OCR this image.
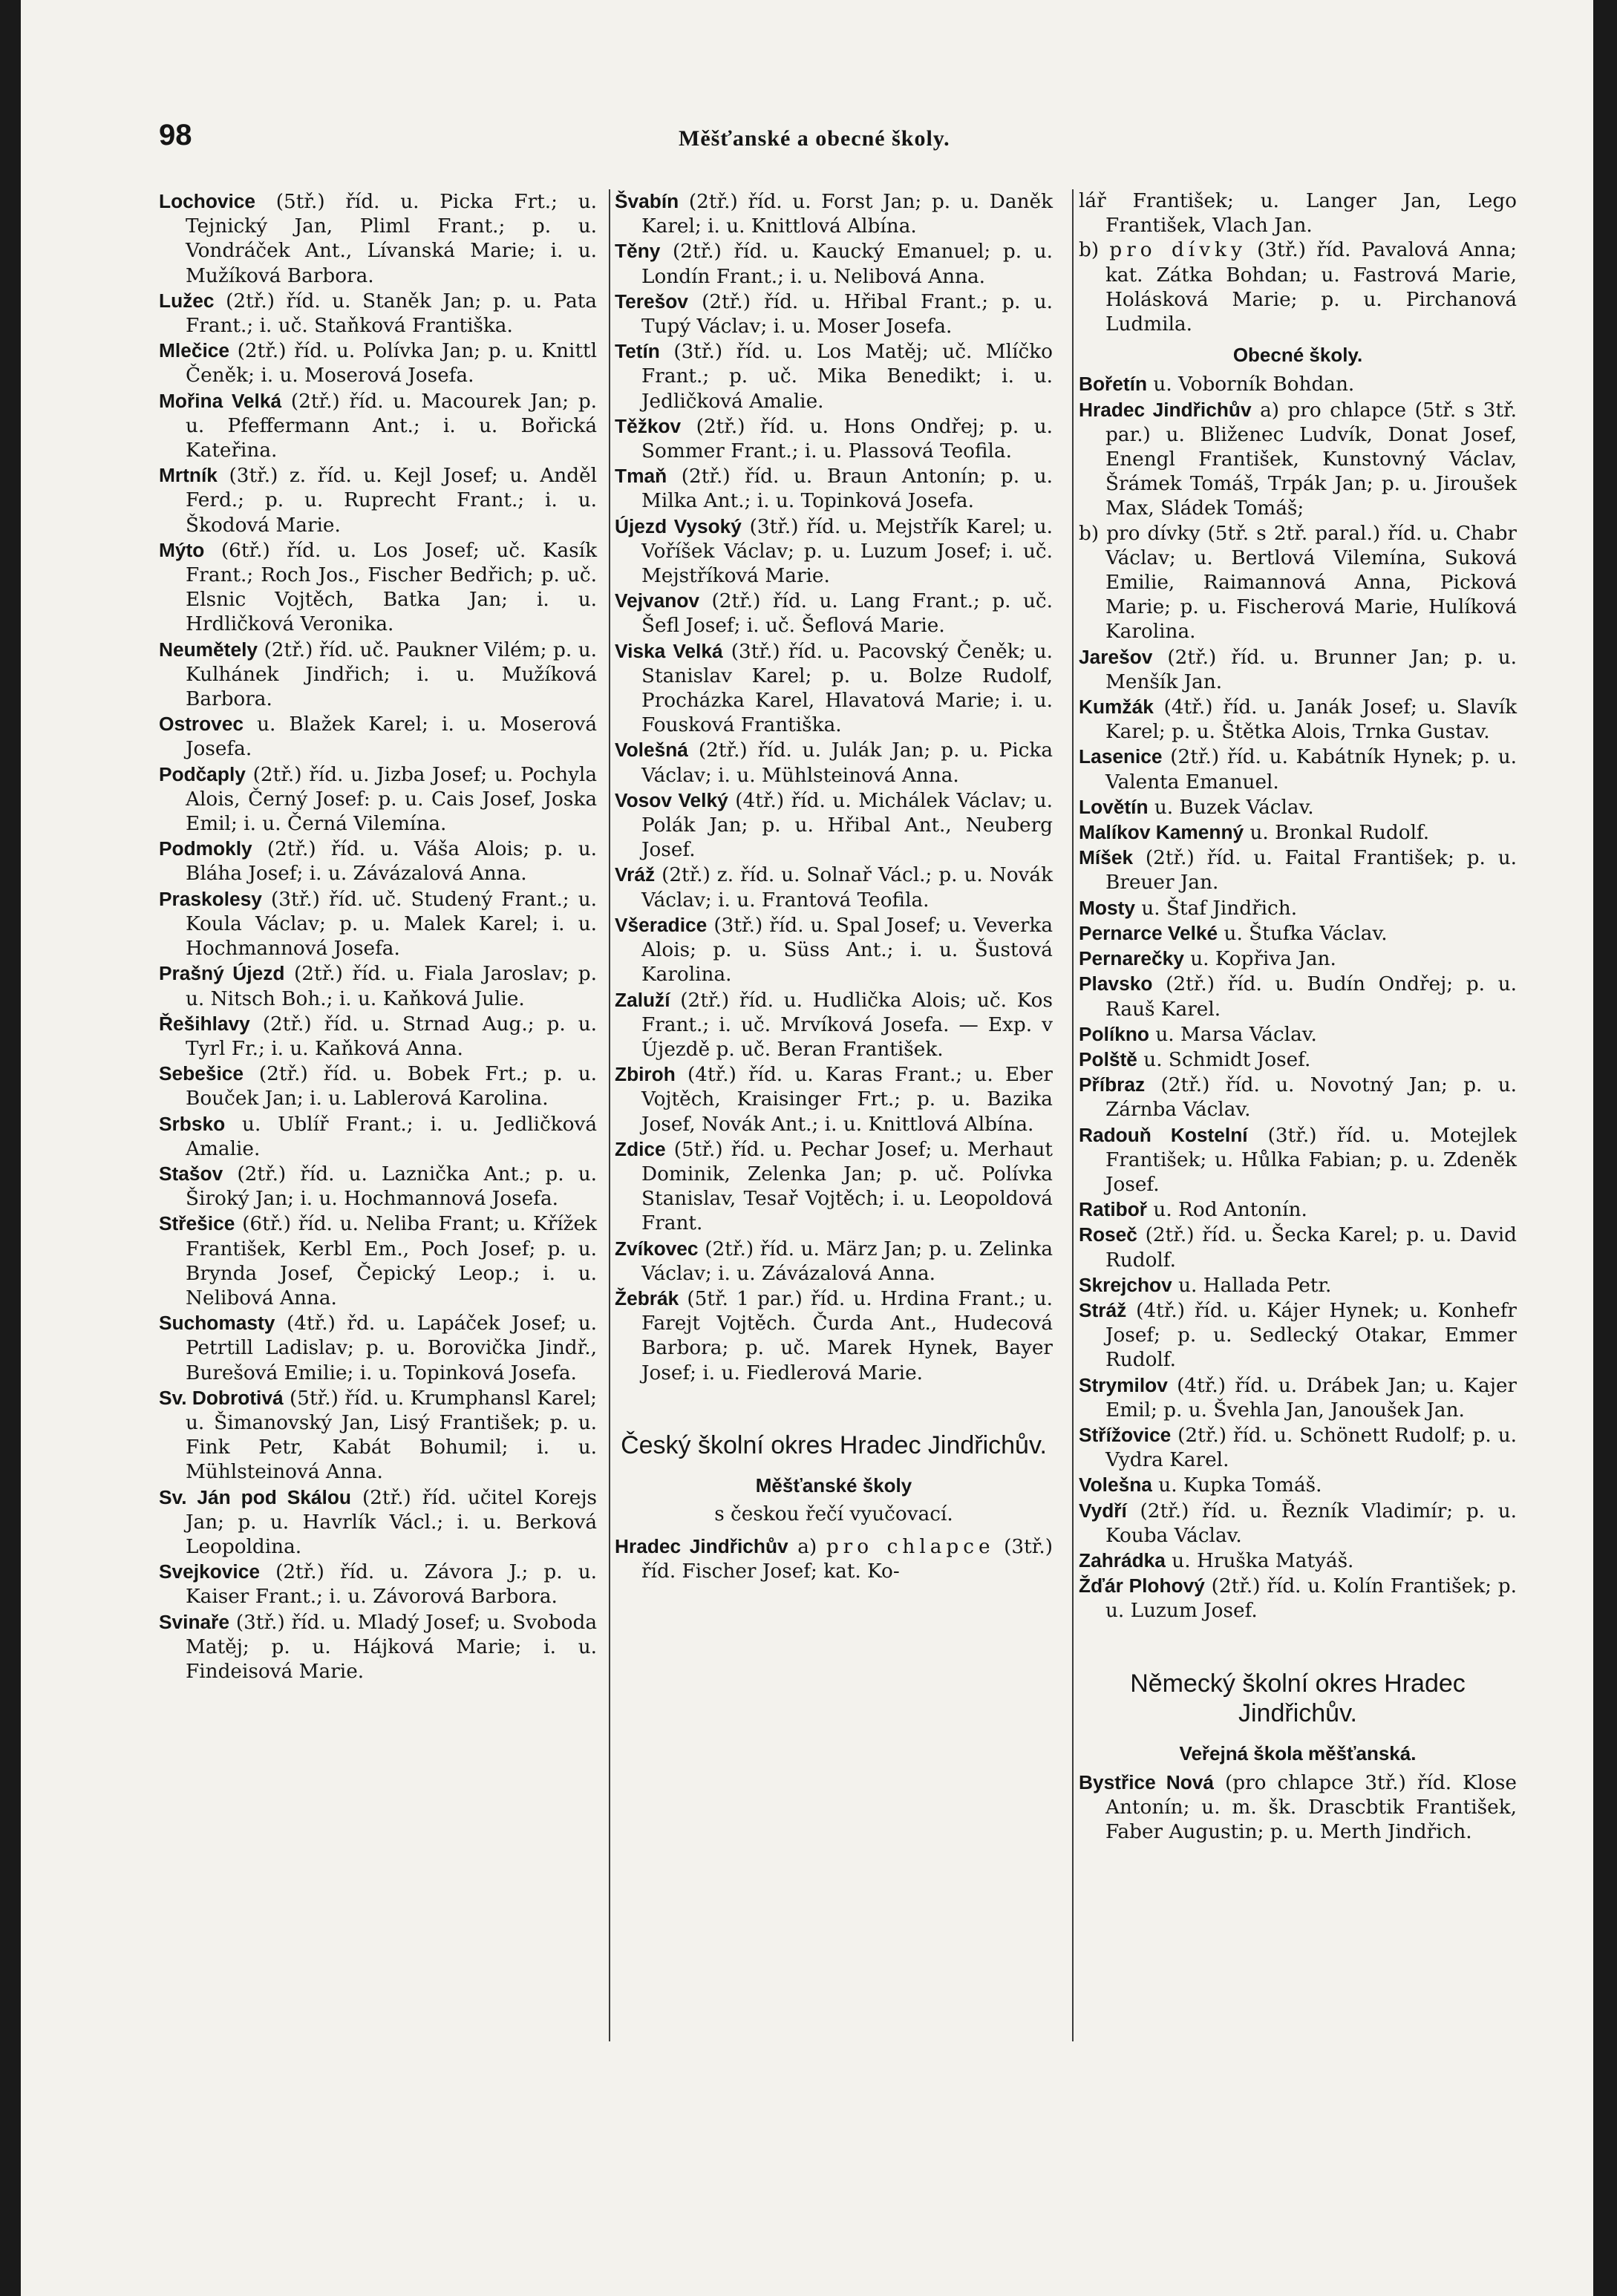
98	Měšťanské a obecné školy.

Lochovice (5tř.) říd. u. Picka Frt.; u. Tejnický Jan, Pliml Frant.; p. u. Vondráček Ant., Lívanská Marie; i. u. Mužíková Barbora.

Lužec (2tř.) říd. u. Staněk Jan; p. u. Pata Frant.; i. uč. Staňková Františka.

Mlečice (2tř.) říd. u. Polívka Jan; p. u. Knittl Čeněk; i. u. Moserová Josefa.

Mořina Velká (2tř.) říd. u. Macourek Jan; p. u. Pfeffermann Ant.; i. u. Bořická Kateřina.

Mrtník (3tř.) z. říd. u. Kejl Josef; u. Anděl Ferd.; p. u. Ruprecht Frant.; i. u. Škodová Marie.

Mýto (6tř.) říd. u. Los Josef; uč. Kasík Frant.; Roch Jos., Fischer Bedřich; p. uč. Elsnic Vojtěch, Batka Jan; i. u. Hrdličková Veronika.

Neumětely (2tř.) říd. uč. Paukner Vilém; p. u. Kulhánek Jindřich; i. u. Mužíková Barbora.

Ostrovec u. Blažek Karel; i. u. Moserová Josefa.

Podčaply (2tř.) říd. u. Jizba Josef; u. Pochyla Alois, Černý Josef: p. u. Cais Josef, Joska Emil; i. u. Černá Vilemína.

Podmokly (2tř.) říd. u. Váša Alois; p. u. Bláha Josef; i. u. Závázalová Anna.

Praskolesy (3tř.) říd. uč. Studený Frant.; u. Koula Václav; p. u. Malek Karel; i. u. Hochmannová Josefa.

Prašný Újezd (2tř.) říd. u. Fiala Jaroslav; p. u. Nitsch Boh.; i. u. Kaňková Julie.

Řešihlavy (2tř.) říd. u. Strnad Aug.; p. u. Tyrl Fr.; i. u. Kaňková Anna.

Sebešice (2tř.) říd. u. Bobek Frt.; p. u. Bouček Jan; i. u. Lablerová Karolina.

Srbsko u. Ublíř Frant.; i. u. Jedličková Amalie.

Stašov (2tř.) říd. u. Laznička Ant.; p. u. Široký Jan; i. u. Hochmannová Josefa.

Střešice (6tř.) říd. u. Neliba Frant; u. Křížek František, Kerbl Em., Poch Josef; p. u. Brynda Josef, Čepický Leop.; i. u. Nelibová Anna.

Suchomasty (4tř.) řd. u. Lapáček Josef; u. Petrtill Ladislav; p. u. Borovička Jindř., Burešová Emilie; i. u. Topinková Josefa.

Sv. Dobrotivá (5tř.) říd. u. Krumphansl Karel; u. Šimanovský Jan, Lisý František; p. u. Fink Petr, Kabát Bohumil; i. u. Mühlsteinová Anna.

Sv. Ján pod Skálou (2tř.) říd. učitel Korejs Jan; p. u. Havrlík Václ.; i. u. Berková Leopoldina.

Svejkovice (2tř.) říd. u. Závora J.; p. u. Kaiser Frant.; i. u. Závorová Barbora.

Svinaře (3tř.) říd. u. Mladý Josef; u. Svoboda Matěj; p. u. Hájková Marie; i. u. Findeisová Marie.

Švabín (2tř.) říd. u. Forst Jan; p. u. Daněk Karel; i. u. Knittlová Albína.

Těny (2tř.) říd. u. Kaucký Emanuel; p. u. Londín Frant.; i. u. Nelibová Anna.

Terešov (2tř.) říd. u. Hřibal Frant.; p. u. Tupý Václav; i. u. Moser Josefa.

Tetín (3tř.) říd. u. Los Matěj; uč. Mlíčko Frant.; p. uč. Mika Benedikt; i. u. Jedličková Amalie.

Těžkov (2tř.) říd. u. Hons Ondřej; p. u. Sommer Frant.; i. u. Plassová Teofila.

Tmaň (2tř.) říd. u. Braun Antonín; p. u. Milka Ant.; i. u. Topinková Josefa.

Újezd Vysoký (3tř.) říd. u. Mejstřík Karel; u. Voříšek Václav; p. u. Luzum Josef; i. uč. Mejstříková Marie.

Vejvanov (2tř.) říd. u. Lang Frant.; p. uč. Šefl Josef; i. uč. Šeflová Marie.

Viska Velká (3tř.) říd. u. Pacovský Čeněk; u. Stanislav Karel; p. u. Bolze Rudolf, Procházka Karel, Hlavatová Marie; i. u. Fousková Františka.

Volešná (2tř.) říd. u. Julák Jan; p. u. Picka Václav; i. u. Mühlsteinová Anna.

Vosov Velký (4tř.) říd. u. Michálek Václav; u. Polák Jan; p. u. Hřibal Ant., Neuberg Josef.

Vráž (2tř.) z. říd. u. Solnař Václ.; p. u. Novák Václav; i. u. Frantová Teofila.

Všeradice (3tř.) říd. u. Spal Josef; u. Veverka Alois; p. u. Süss Ant.; i. u. Šustová Karolina.

Zaluží (2tř.) říd. u. Hudlička Alois; uč. Kos Frant.; i. uč. Mrvíková Josefa. — Exp. v Újezdě p. uč. Beran František.

Zbiroh (4tř.) říd. u. Karas Frant.; u. Eber Vojtěch, Kraisinger Frt.; p. u. Bazika Josef, Novák Ant.; i. u. Knittlová Albína.

Zdice (5tř.) říd. u. Pechar Josef; u. Merhaut Dominik, Zelenka Jan; p. uč. Polívka Stanislav, Tesař Vojtěch; i. u. Leopoldová Frant.

Zvíkovec (2tř.) říd. u. März Jan; p. u. Zelinka Václav; i. u. Závázalová Anna.

Žebrák (5tř. 1 par.) říd. u. Hrdina Frant.; u. Farejt Vojtěch. Čurda Ant., Hudecová Barbora; p. uč. Marek Hynek, Bayer Josef; i. u. Fiedlerová Marie.

Český školní okres Hradec Jindřichův.
Měšťanské školy
s českou řečí vyučovací.

Hradec Jindřichův a) pro chlapce (3tř.) říd. Fischer Josef; kat. Ko-

lář František; u. Langer Jan, Lego František, Vlach Jan.

b) pro dívky (3tř.) říd. Pavalová Anna; kat. Zátka Bohdan; u. Fastrová Marie, Holásková Marie; p. u. Pirchanová Ludmila.

Obecné školy.

Bořetín u. Voborník Bohdan.

Hradec Jindřichův a) pro chlapce (5tř. s 3tř. par.) u. Bliženec Ludvík, Donat Josef, Enengl František, Kunstovný Václav, Šrámek Tomáš, Trpák Jan; p. u. Jiroušek Max, Sládek Tomáš;

b) pro dívky (5tř. s 2tř. paral.) říd. u. Chabr Václav; u. Bertlová Vilemína, Suková Emilie, Raimannová Anna, Picková Marie; p. u. Fischerová Marie, Hulíková Karolina.

Jarešov (2tř.) říd. u. Brunner Jan; p. u. Menšík Jan.

Kumžák (4tř.) říd. u. Janák Josef; u. Slavík Karel; p. u. Štětka Alois, Trnka Gustav.

Lasenice (2tř.) říd. u. Kabátník Hynek; p. u. Valenta Emanuel.

Lovětín u. Buzek Václav.

Malíkov Kamenný u. Bronkal Rudolf.

Míšek (2tř.) říd. u. Faital František; p. u. Breuer Jan.

Mosty u. Štaf Jindřich.

Pernarce Velké u. Štufka Václav.

Pernarečky u. Kopřiva Jan.

Plavsko (2tř.) říd. u. Budín Ondřej; p. u. Rauš Karel.

Políkno u. Marsa Václav.

Polště u. Schmidt Josef.

Příbraz (2tř.) říd. u. Novotný Jan; p. u. Zárnba Václav.

Radouň Kostelní (3tř.) říd. u. Motejlek František; u. Hůlka Fabian; p. u. Zdeněk Josef.

Ratiboř u. Rod Antonín.

Roseč (2tř.) říd. u. Šecka Karel; p. u. David Rudolf.

Skrejchov u. Hallada Petr.

Stráž (4tř.) říd. u. Kájer Hynek; u. Konhefr Josef; p. u. Sedlecký Otakar, Emmer Rudolf.

Strymilov (4tř.) říd. u. Drábek Jan; u. Kajer Emil; p. u. Švehla Jan, Janoušek Jan.

Střížovice (2tř.) říd. u. Schönett Rudolf; p. u. Vydra Karel.

Volešna u. Kupka Tomáš.

Vydří (2tř.) říd. u. Řezník Vladimír; p. u. Kouba Václav.

Zahrádka u. Hruška Matyáš.

Žďár Plohový (2tř.) říd. u. Kolín František; p. u. Luzum Josef.

Německý školní okres Hradec Jindřichův.
Veřejná škola měšťanská.

Bystřice Nová (pro chlapce 3tř.) říd. Klose Antonín; u. m. šk. Drascbtik František, Faber Augustin; p. u. Merth Jindřich.
